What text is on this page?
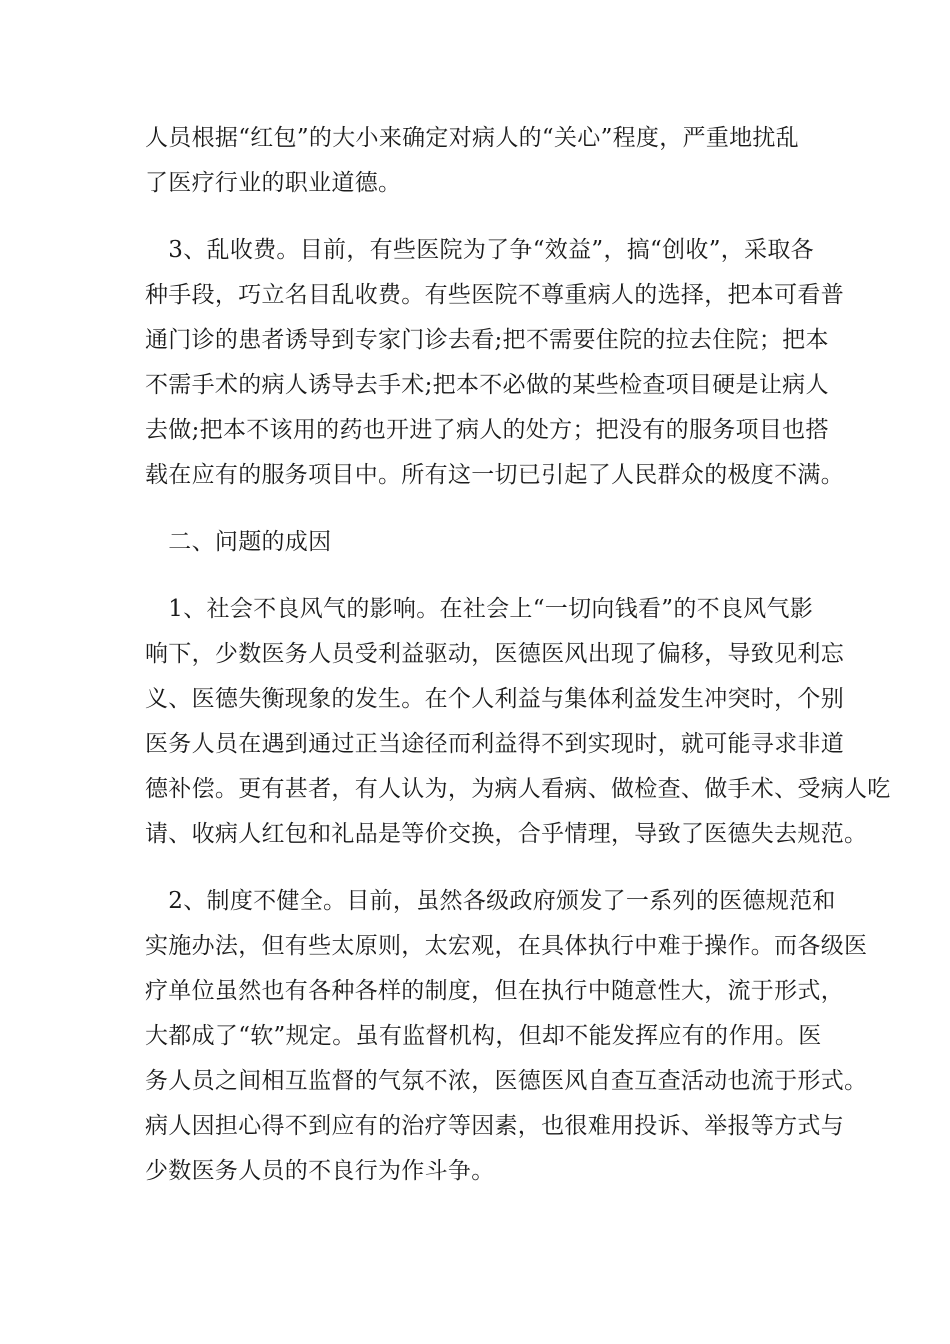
人员根据“红包”的大小来确定对病人的“关心”程度，严重地扰乱
了医疗行业的职业道德。
　3、乱收费。目前，有些医院为了争“效益”，搞“创收”，采取各
种手段，巧立名目乱收费。有些医院不尊重病人的选择，把本可看普
通门诊的患者诱导到专家门诊去看;把不需要住院的拉去住院；把本
不需手术的病人诱导去手术;把本不必做的某些检查项目硬是让病人
去做;把本不该用的药也开进了病人的处方；把没有的服务项目也搭
载在应有的服务项目中。所有这一切已引起了人民群众的极度不满。
　二、问题的成因
　1、社会不良风气的影响。在社会上“一切向钱看”的不良风气影
响下，少数医务人员受利益驱动，医德医风出现了偏移，导致见利忘
义、医德失衡现象的发生。在个人利益与集体利益发生冲突时，个别
医务人员在遇到通过正当途径而利益得不到实现时，就可能寻求非道
德补偿。更有甚者，有人认为，为病人看病、做检查、做手术、受病人吃
请、收病人红包和礼品是等价交换，合乎情理，导致了医德失去规范。
　2、制度不健全。目前，虽然各级政府颁发了一系列的医德规范和
实施办法，但有些太原则，太宏观，在具体执行中难于操作。而各级医
疗单位虽然也有各种各样的制度，但在执行中随意性大，流于形式，
大都成了“软”规定。虽有监督机构，但却不能发挥应有的作用。医
务人员之间相互监督的气氛不浓，医德医风自查互查活动也流于形式。
病人因担心得不到应有的治疗等因素，也很难用投诉、举报等方式与
少数医务人员的不良行为作斗争。
